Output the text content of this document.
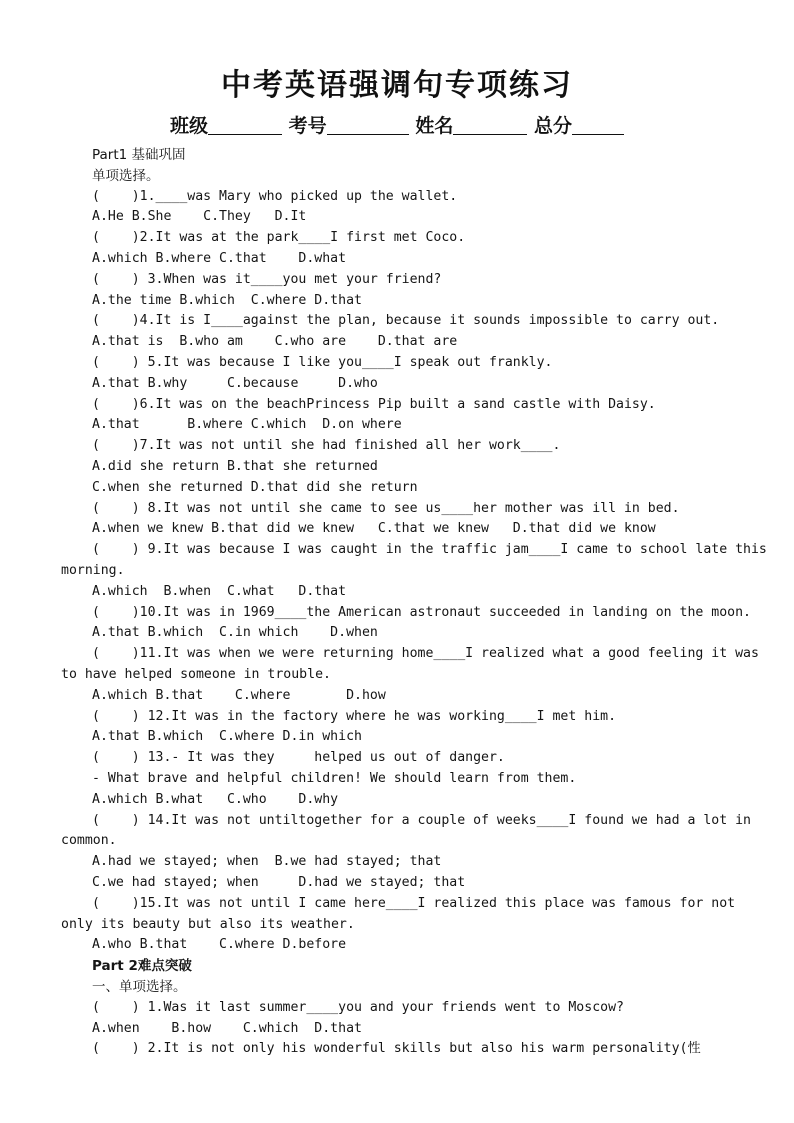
中考英语强调句专项练习
班级	考号	姓名	总分
Part1 基础巩固
单项选择。
(    )1.____was Mary who picked up the wallet.
A.He B.She    C.They   D.It
(    )2.It was at the park____I first met Coco.
A.which B.where C.that    D.what
(    ) 3.When was it____you met your friend?
A.the time B.which  C.where D.that
(    )4.It is I____against the plan, because it sounds impossible to carry out.
A.that is  B.who am    C.who are    D.that are
(    ) 5.It was because I like you____I speak out frankly.
A.that B.why     C.because     D.who
(    )6.It was on the beachPrincess Pip built a sand castle with Daisy.
A.that      B.where C.which  D.on where
(    )7.It was not until she had finished all her work____.
A.did she return B.that she returned
C.when she returned D.that did she return
(    ) 8.It was not until she came to see us____her mother was ill in bed.
A.when we knew B.that did we knew   C.that we knew   D.that did we know
(    ) 9.It was because I was caught in the traffic jam____I came to school late this
morning.
A.which  B.when  C.what   D.that
(    )10.It was in 1969____the American astronaut succeeded in landing on the moon.
A.that B.which  C.in which    D.when
(    )11.It was when we were returning home____I realized what a good feeling it was
to have helped someone in trouble.
A.which B.that    C.where       D.how
(    ) 12.It was in the factory where he was working____I met him.
A.that B.which  C.where D.in which
(    ) 13.- It was they     helped us out of danger.
- What brave and helpful children! We should learn from them.
A.which B.what   C.who    D.why
(    ) 14.It was not untiltogether for a couple of weeks____I found we had a lot in
common.
A.had we stayed; when  B.we had stayed; that
C.we had stayed; when     D.had we stayed; that
(    )15.It was not until I came here____I realized this place was famous for not
only its beauty but also its weather.
A.who B.that    C.where D.before
Part 2难点突破
一、单项选择。
(    ) 1.Was it last summer____you and your friends went to Moscow?
A.when    B.how    C.which  D.that
(    ) 2.It is not only his wonderful skills but also his warm personality(性
